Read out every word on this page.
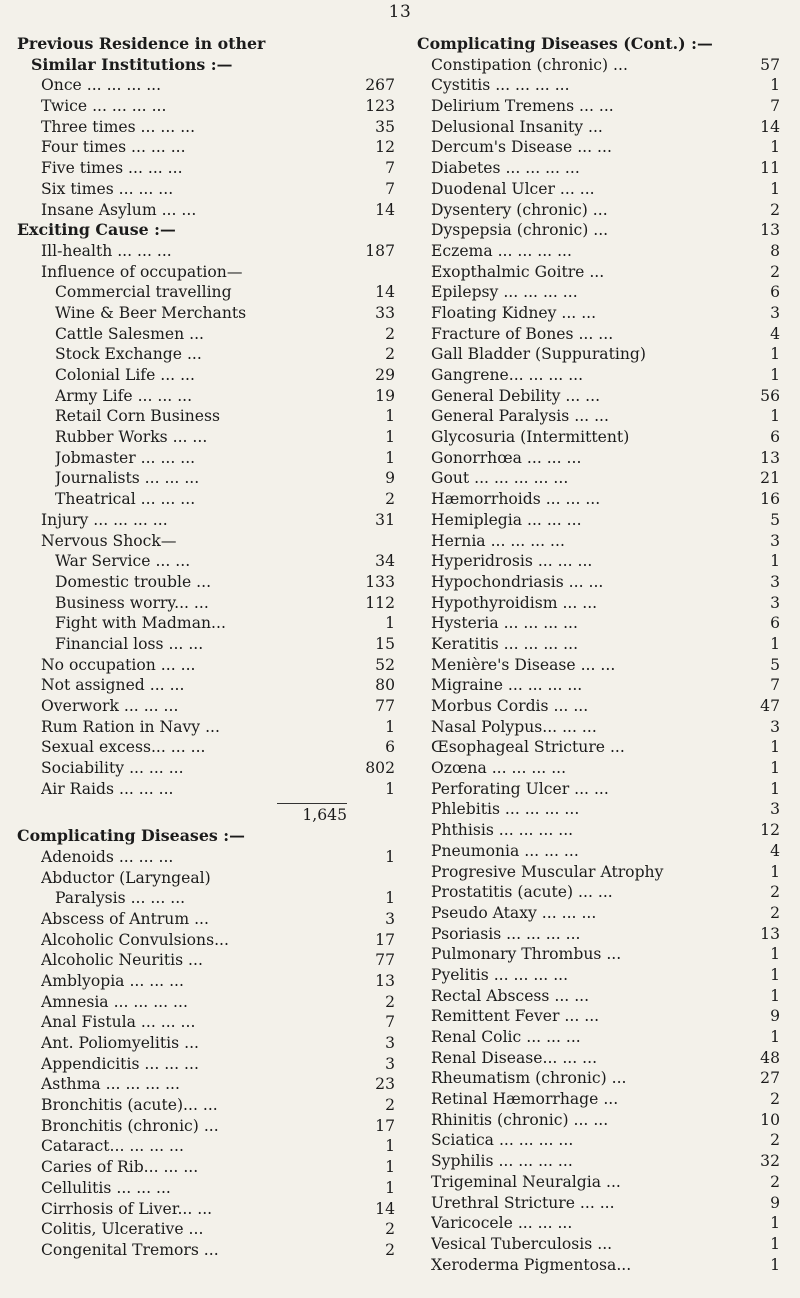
13
Previous Residence in other
Similar Institutions :—
Once ... ... ... ...	267
Twice ... ... ... ...	123
Three times ... ... ...	35
Four times ... ... ...	12
Five times ... ... ...	7
Six times ... ... ...	7
Insane Asylum ... ...	14
Exciting Cause :—
Ill-health ... ... ...	187
Influence of occupation—
Commercial travelling	14
Wine & Beer Merchants	33
Cattle Salesmen ...	2
Stock Exchange ...	2
Colonial Life ... ...	29
Army Life ... ... ...	19
Retail Corn Business	1
Rubber Works ... ...	1
Jobmaster ... ... ...	1
Journalists ... ... ...	9
Theatrical ... ... ...	2
Injury ... ... ... ...	31
Nervous Shock—
War Service ... ...	34
Domestic trouble ...	133
Business worry... ...	112
Fight with Madman...	1
Financial loss ... ...	15
No occupation ... ...	52
Not assigned ... ...	80
Overwork ... ... ...	77
Rum Ration in Navy ...	1
Sexual excess... ... ...	6
Sociability ... ... ...	802
Air Raids ... ... ...	1
1,645
Complicating Diseases :—
Adenoids ... ... ...	1
Abductor (Laryngeal)
Paralysis ... ... ...	1
Abscess of Antrum ...	3
Alcoholic Convulsions...	17
Alcoholic Neuritis ...	77
Amblyopia ... ... ...	13
Amnesia ... ... ... ...	2
Anal Fistula ... ... ...	7
Ant. Poliomyelitis ...	3
Appendicitis ... ... ...	3
Asthma ... ... ... ...	23
Bronchitis (acute)... ...	2
Bronchitis (chronic) ...	17
Cataract... ... ... ...	1
Caries of Rib... ... ...	1
Cellulitis ... ... ...	1
Cirrhosis of Liver... ...	14
Colitis, Ulcerative ...	2
Congenital Tremors ...	2
Complicating Diseases (Cont.) :—
Constipation (chronic) ...	57
Cystitis ... ... ... ...	1
Delirium Tremens ... ...	7
Delusional Insanity ...	14
Dercum's Disease ... ...	1
Diabetes ... ... ... ...	11
Duodenal Ulcer ... ...	1
Dysentery (chronic) ...	2
Dyspepsia (chronic) ...	13
Eczema ... ... ... ...	8
Exopthalmic Goitre ...	2
Epilepsy ... ... ... ...	6
Floating Kidney ... ...	3
Fracture of Bones ... ...	4
Gall Bladder (Suppurating)	1
Gangrene... ... ... ...	1
General Debility ... ...	56
General Paralysis ... ...	1
Glycosuria (Intermittent)	6
Gonorrhœa ... ... ...	13
Gout ... ... ... ... ...	21
Hæmorrhoids ... ... ...	16
Hemiplegia ... ... ...	5
Hernia ... ... ... ...	3
Hyperidrosis ... ... ...	1
Hypochondriasis ... ...	3
Hypothyroidism ... ...	3
Hysteria ... ... ... ...	6
Keratitis ... ... ... ...	1
Menière's Disease ... ...	5
Migraine ... ... ... ...	7
Morbus Cordis ... ...	47
Nasal Polypus... ... ...	3
Œsophageal Stricture ...	1
Ozœna ... ... ... ...	1
Perforating Ulcer ... ...	1
Phlebitis ... ... ... ...	3
Phthisis ... ... ... ...	12
Pneumonia ... ... ...	4
Progresive Muscular Atrophy	1
Prostatitis (acute) ... ...	2
Pseudo Ataxy ... ... ...	2
Psoriasis ... ... ... ...	13
Pulmonary Thrombus ...	1
Pyelitis ... ... ... ...	1
Rectal Abscess ... ...	1
Remittent Fever ... ...	9
Renal Colic ... ... ...	1
Renal Disease... ... ...	48
Rheumatism (chronic) ...	27
Retinal Hæmorrhage ...	2
Rhinitis (chronic) ... ...	10
Sciatica ... ... ... ...	2
Syphilis ... ... ... ...	32
Trigeminal Neuralgia ...	2
Urethral Stricture ... ...	9
Varicocele ... ... ...	1
Vesical Tuberculosis ...	1
Xeroderma Pigmentosa...	1
